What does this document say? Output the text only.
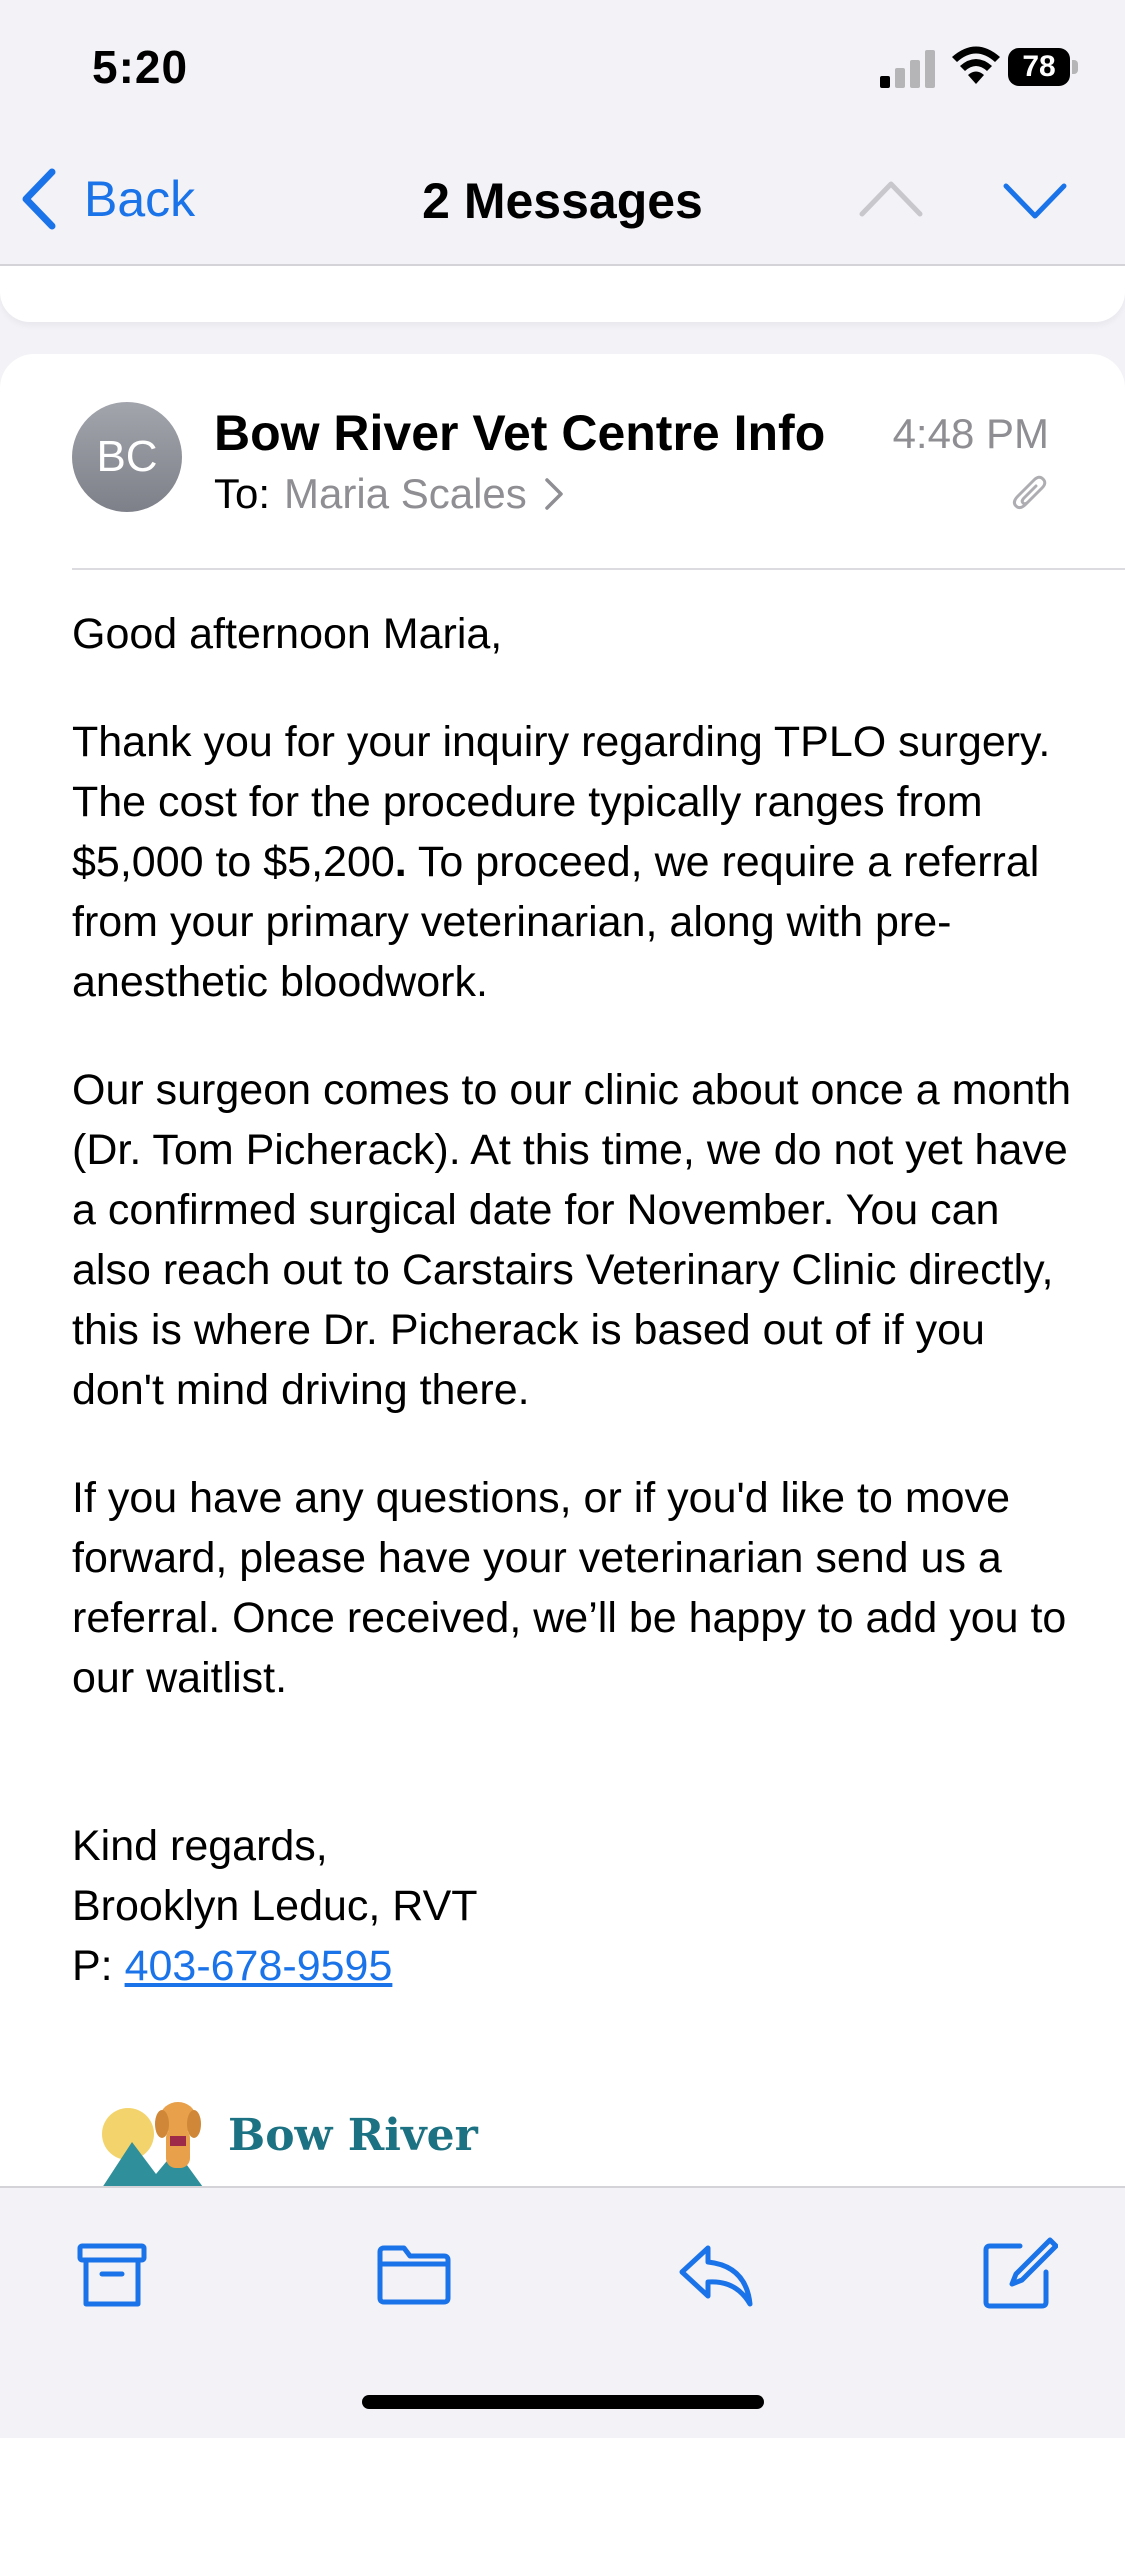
5:20	78
Back	2 Messages
BC	Bow River Vet Centre Info 4:48 PM
To: Maria Scales

Good afternoon Maria,

Thank you for your inquiry regarding TPLO surgery. The cost for the procedure typically ranges from $5,000 to $5,200. To proceed, we require a referral from your primary veterinarian, along with pre-anesthetic bloodwork.

Our surgeon comes to our clinic about once a month (Dr. Tom Picherack). At this time, we do not yet have a confirmed surgical date for November. You can also reach out to Carstairs Veterinary Clinic directly, this is where Dr. Picherack is based out of if you don't mind driving there.

If you have any questions, or if you'd like to move forward, please have your veterinarian send us a referral. Once received, we’ll be happy to add you to our waitlist.

Kind regards,

Brooklyn Leduc, RVT

P: 403-678-9595

Bow River
